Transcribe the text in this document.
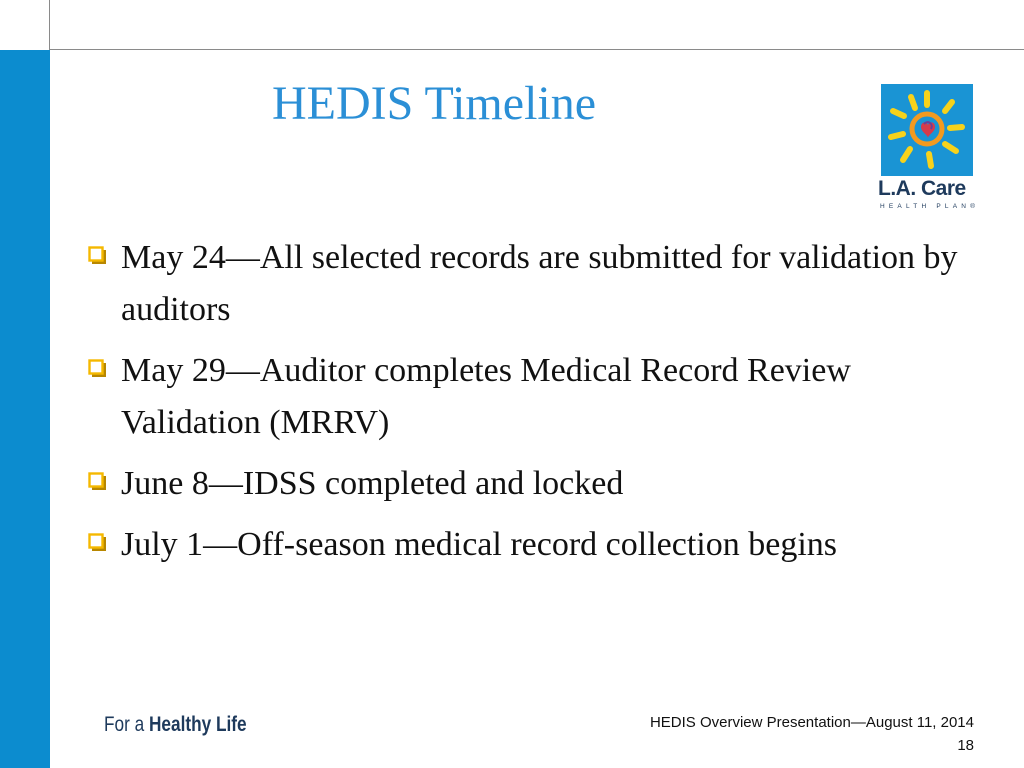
HEDIS Timeline
L.A. Care
HEALTH PLAN®
May 24—All selected records are submitted for validation by auditors
May 29—Auditor completes Medical Record Review Validation (MRRV)
June 8—IDSS completed and locked
July 1—Off-season medical record collection begins
For a Healthy Life	HEDIS Overview Presentation—August 11, 2014
18
